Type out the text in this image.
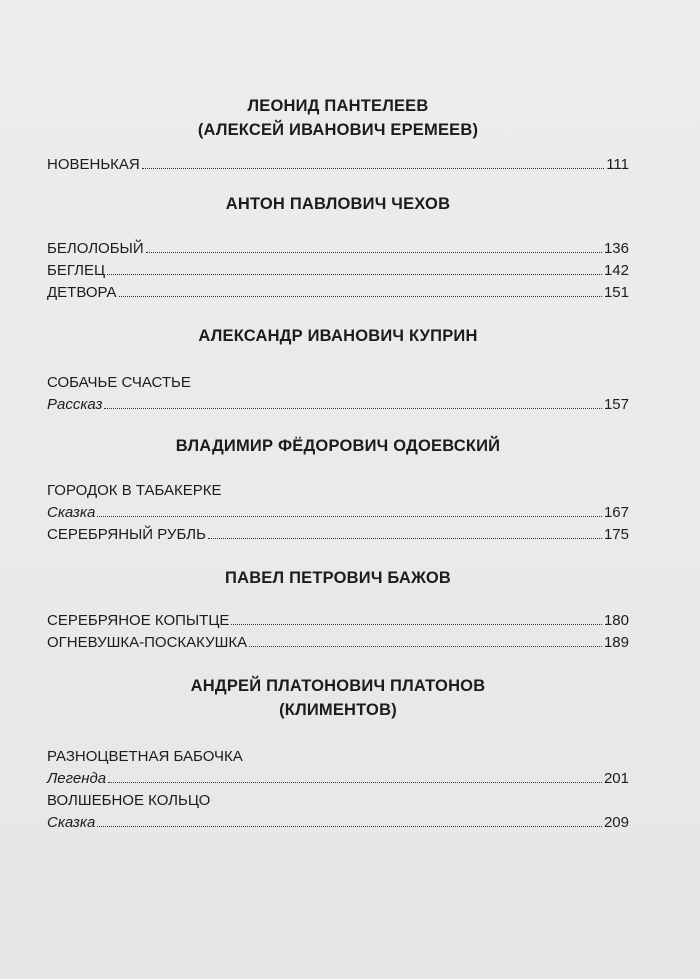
ЛЕОНИД ПАНТЕЛЕЕВ
(АЛЕКСЕЙ ИВАНОВИЧ ЕРЕМЕЕВ)
НОВЕНЬКАЯ	111
АНТОН ПАВЛОВИЧ ЧЕХОВ
БЕЛОЛОБЫЙ	136
БЕГЛЕЦ	142
ДЕТВОРА	151
АЛЕКСАНДР ИВАНОВИЧ КУПРИН
СОБАЧЬЕ СЧАСТЬЕ
Рассказ	157
ВЛАДИМИР ФЁДОРОВИЧ ОДОЕВСКИЙ
ГОРОДОК В ТАБАКЕРКЕ
Сказка	167
СЕРЕБРЯНЫЙ РУБЛЬ	175
ПАВЕЛ ПЕТРОВИЧ БАЖОВ
СЕРЕБРЯНОЕ КОПЫТЦЕ	180
ОГНЕВУШКА-ПОСКАКУШКА	189
АНДРЕЙ ПЛАТОНОВИЧ ПЛАТОНОВ
(КЛИМЕНТОВ)
РАЗНОЦВЕТНАЯ БАБОЧКА
Легенда	201
ВОЛШЕБНОЕ КОЛЬЦО
Сказка	209
